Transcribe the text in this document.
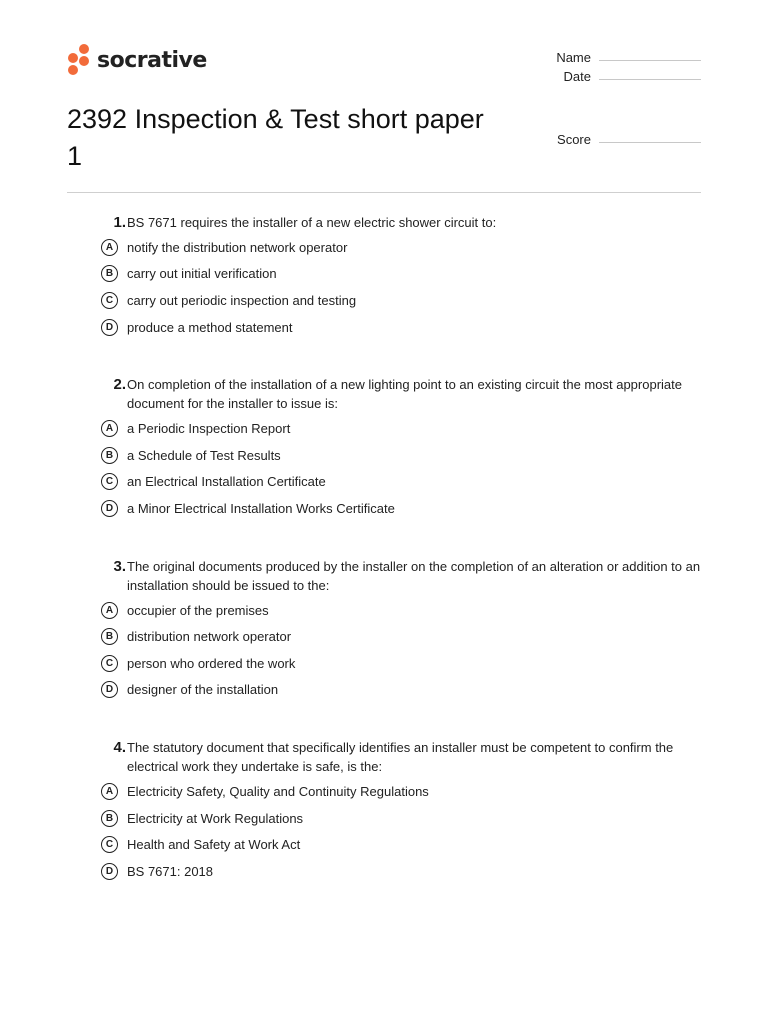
socrative	Name
Date
Score
2392 Inspection & Test short paper 1
1. BS 7671 requires the installer of a new electric shower circuit to:
A	notify the distribution network operator
B	carry out initial verification
C	carry out periodic inspection and testing
D	produce a method statement
2. On completion of the installation of a new lighting point to an existing circuit the most appropriate document for the installer to issue is:
A	a Periodic Inspection Report
B	a Schedule of Test Results
C	an Electrical Installation Certificate
D	a Minor Electrical Installation Works Certificate
3. The original documents produced by the installer on the completion of an alteration or addition to an installation should be issued to the:
A	occupier of the premises
B	distribution network operator
C	person who ordered the work
D	designer of the installation
4. The statutory document that specifically identifies an installer must be competent to confirm the electrical work they undertake is safe, is the:
A	Electricity Safety, Quality and Continuity Regulations
B	Electricity at Work Regulations
C	Health and Safety at Work Act
D	BS 7671: 2018
